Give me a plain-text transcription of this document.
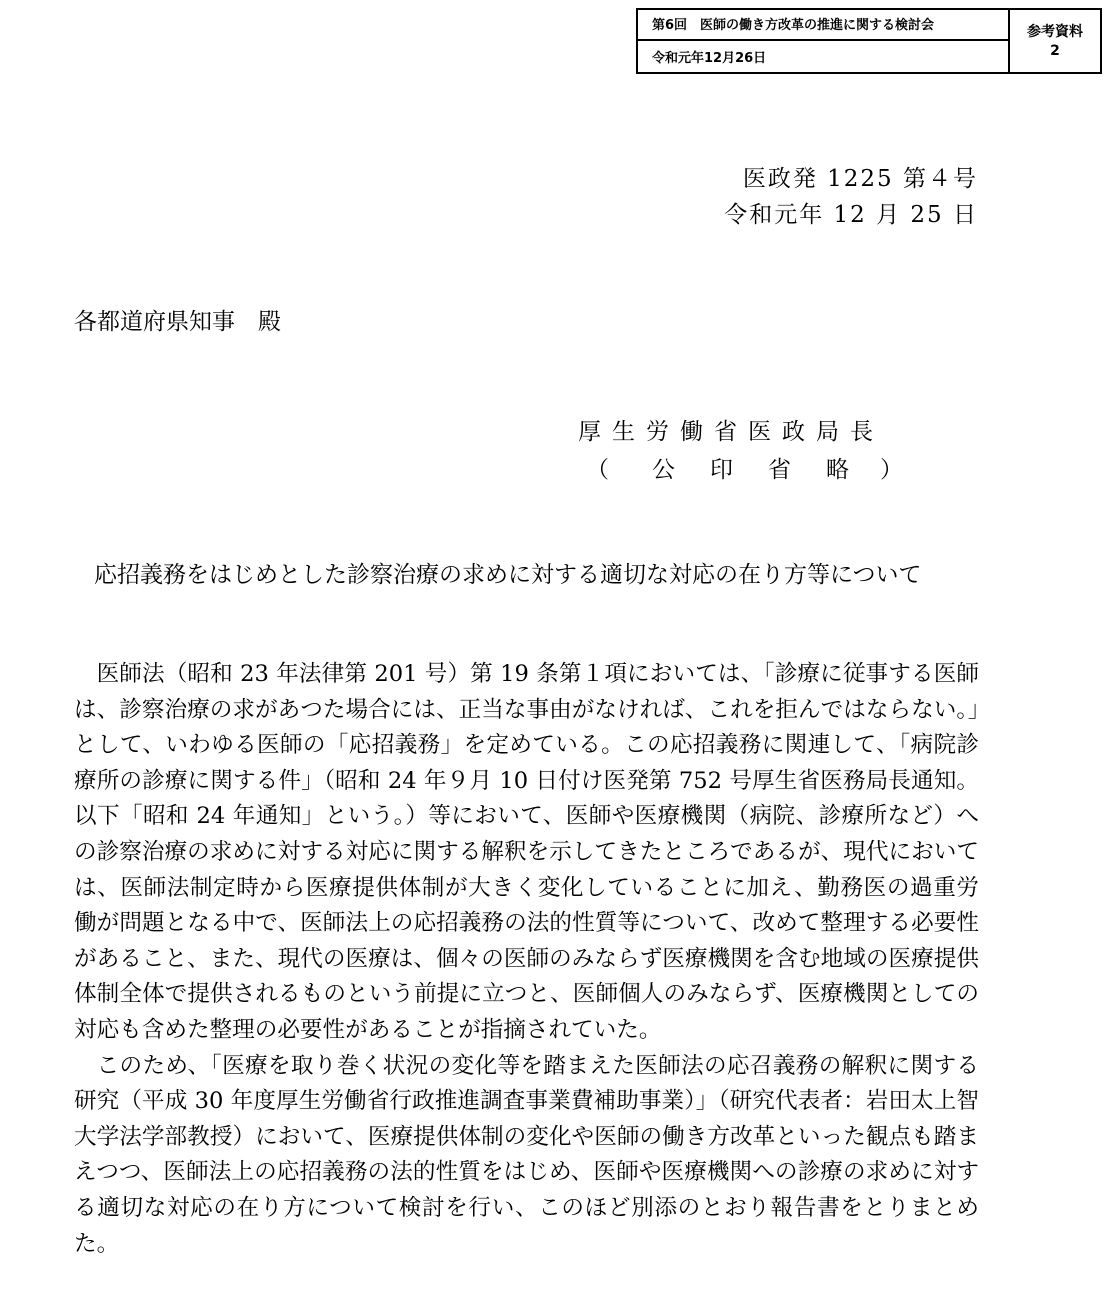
第6回　医師の働き方改革の推進に関する検討会
令和元年12月26日
参考資料
2
医政発 1225 第４号
令和元年 12 月 25 日
各都道府県知事　殿
厚生労働省医政局長
（ 公 印 省 略 ）
応招義務をはじめとした診察治療の求めに対する適切な対応の在り方等について

医師法（昭和 23 年法律第 201 号）第 19 条第１項においては、「診療に従事する医師は、診察治療の求があつた場合には、正当な事由がなければ、これを拒んではならない。」として、いわゆる医師の「応招義務」を定めている。この応招義務に関連して、「病院診療所の診療に関する件」（昭和 24 年９月 10 日付け医発第 752 号厚生省医務局長通知。以下「昭和 24 年通知」という。）等において、医師や医療機関（病院、診療所など）への診察治療の求めに対する対応に関する解釈を示してきたところであるが、現代においては、医師法制定時から医療提供体制が大きく変化していることに加え、勤務医の過重労働が問題となる中で、医師法上の応招義務の法的性質等について、改めて整理する必要性があること、また、現代の医療は、個々の医師のみならず医療機関を含む地域の医療提供体制全体で提供されるものという前提に立つと、医師個人のみならず、医療機関としての対応も含めた整理の必要性があることが指摘されていた。

このため、「医療を取り巻く状況の変化等を踏まえた医師法の応召義務の解釈に関する研究（平成 30 年度厚生労働省行政推進調査事業費補助事業）」（研究代表者：岩田太上智大学法学部教授）において、医療提供体制の変化や医師の働き方改革といった観点も踏まえつつ、医師法上の応招義務の法的性質をはじめ、医師や医療機関への診療の求めに対する適切な対応の在り方について検討を行い、このほど別添のとおり報告書をとりまとめた。
